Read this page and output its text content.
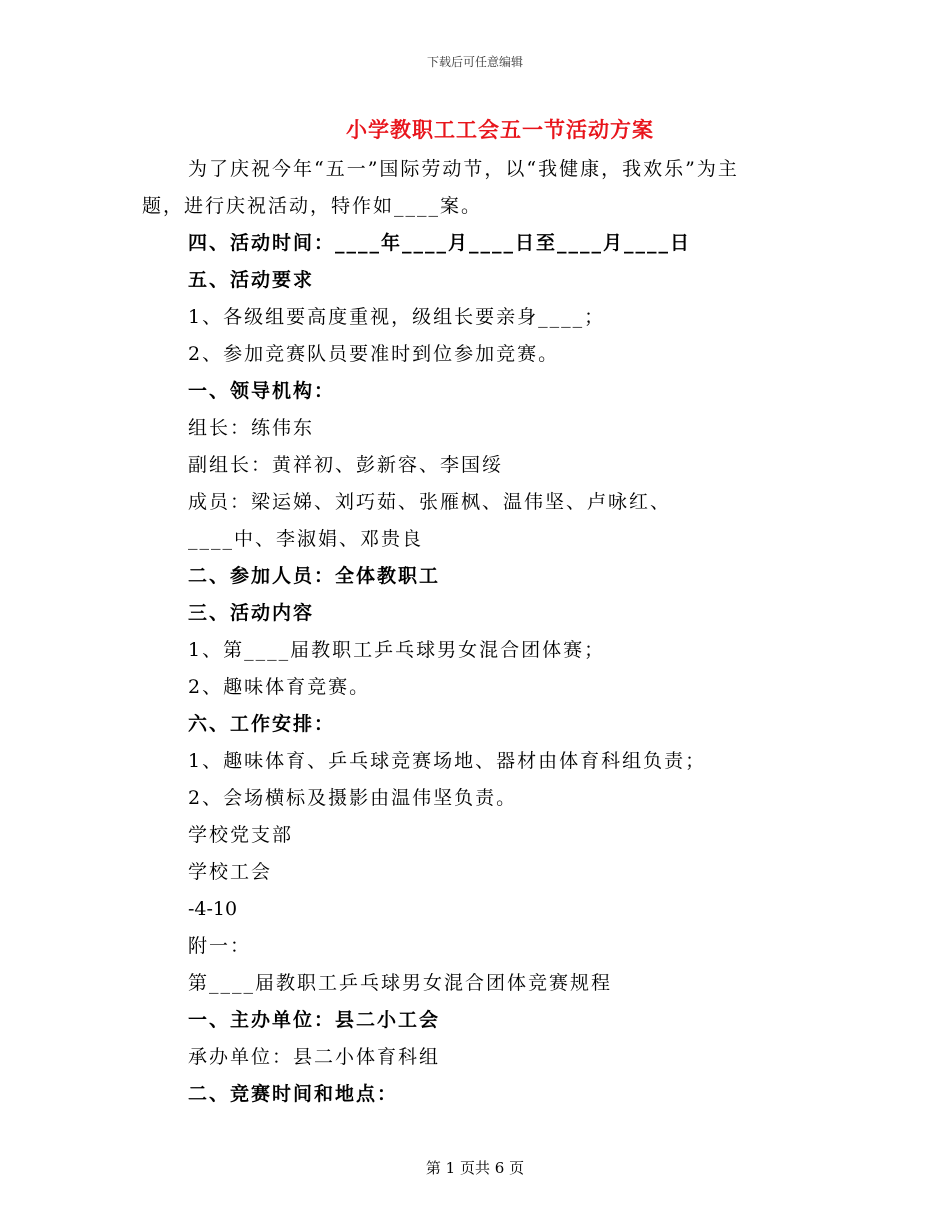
下载后可任意编辑
小学教职工工会五一节活动方案
为了庆祝今年“五一”国际劳动节，以“我健康，我欢乐”为主
题，进行庆祝活动，特作如____案。
四、活动时间：____年____月____日至____月____日
五、活动要求
1、各级组要高度重视，级组长要亲身____；
2、参加竞赛队员要准时到位参加竞赛。
一、领导机构：
组长：练伟东
副组长：黄祥初、彭新容、李国绥
成员：梁运娣、刘巧茹、张雁枫、温伟坚、卢咏红、
____中、李淑娟、邓贵良
二、参加人员：全体教职工
三、活动内容
1、第____届教职工乒乓球男女混合团体赛；
2、趣味体育竞赛。
六、工作安排：
1、趣味体育、乒乓球竞赛场地、器材由体育科组负责；
2、会场横标及摄影由温伟坚负责。
学校党支部
学校工会
-4-10
附一：
第____届教职工乒乓球男女混合团体竞赛规程
一、主办单位：县二小工会
承办单位：县二小体育科组
二、竞赛时间和地点：
第 1 页共 6 页
